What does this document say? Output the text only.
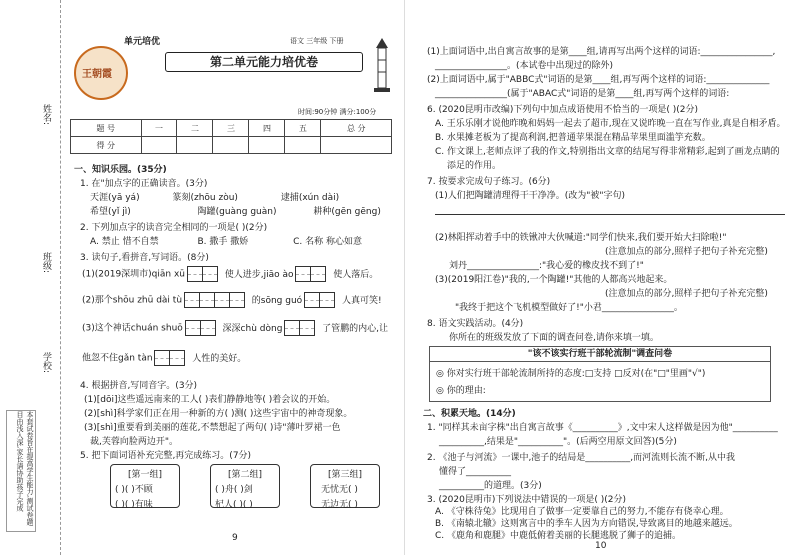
姓名:
班级:
学校:
本套试卷旨在提高学生能力,测试卷题目由浅入深,家长请协助孩子完成
王朝霞
单元培优	语文 三年级 下册
第二单元能力培优卷
时间:90分钟 满分:100分
题 号	一	二	三	四	五	总 分
得 分						
一、知识乐园。(35分)
1. 在"加点字的正确读音。(3分)
天涯(yā yá)	篆刻(zhōu zòu)	逮捕(xún dài)
希望(yǐ jì)	陶罐(guàng guàn)	耕种(gēn gēng)
2. 下列加点字的读音完全相同的一项是( )(2分)
A. 禁止 惜不自禁	B. 撒手 撒娇	C. 名称 称心如意
3. 读句子,看拼音,写词语。(8分)
(1)(2019深圳市)qiān xū	使人进步,jiāo ào	使人落后。
(2)那个shōu zhū dài tù	的sōng guó	人真可笑!
(3)这个神话chuán shuō	深深chù dòng	了管鹏的内心,让
他忽不住gǎn tàn	人性的美好。
4. 根据拼音,写同音字。(3分)
(1)[dōi]这些遥远南来的工人( )表们静静地等( )着会议的开始。
(2)[shì]科学家们正在用一种新的方( )测( )这些宇宙中的神奇现象。
(3)[shì]重要看到美丽的莲花,不禁想起了两句( )诗"薄叶罗裙一色
裁,芙蓉向脸两边开"。
5. 把下面词语补充完整,再完成练习。(7分)
[第一组]
( )( )不顾
( )( )有味
[第二组]
( )舟( )剑
杞人( )( )
[第三组]
无忧无( )
无边无( )
9
(1)上面词语中,出自寓言故事的是第____组,请再写出两个这样的词语:________________,
________________。(本试卷中出现过的除外)
(2)上面词语中,属于"ABBC式"词语的是第____组,再写两个这样的词语:______________
________________(属于"ABAC式"词语的是第____组,再写两个这样的词语:
6. (2020昆明市改编)下列句中加点成语使用不恰当的一项是( )(2分)
A. 王乐乐刚才说他昨晚和妈妈一起去了超市,现在又说昨晚一直在写作业,真是自相矛盾。
B. 水果摊老板为了提高利润,把普通苹果混在精品苹果里面滥竽充数。
C. 作文课上,老师点评了我的作文,特别指出文章的结尾写得非常精彩,起到了画龙点睛的
添足的作用。
7. 按要求完成句子练习。(6分)
(1)人们把陶罐清理得干干净净。(改为"被"字句)
(2)林阳挥动着手中的铁锹冲大伙喊道:"同学们快来,我们要开始大扫除啦!"
(注意加点的部分,照样子把句子补充完整)
刘丹________________:"我心爱的橡皮找不到了!"
(3)(2019阳江卷)"我的,一个陶罐!"其他的人都高兴地起来。
(注意加点的部分,照样子把句子补充完整)
"我终于把这个飞机模型做好了!"小君________________。
8. 语文实践活动。(4分)
你所在的班级发放了下面的调查问卷,请你来填一填。
"该不该实行班干部轮流制"调查问卷
◎ 你对实行班干部轮流制所持的态度:□支持 □反对(在"□"里画"√")
◎ 你的理由:
二、积累天地。(14分)
1. "同样其未亩字株"出自寓言故事《__________》,文中宋人这样做是因为他"__________
__________,结果是"__________"。(后两空用原文回答)(5分)
2. 《池子与河流》一课中,池子的结局是__________,而河流则长流不断,从中我
懂得了__________
__________的道理。(3分)
3. (2020昆明市)下列说法中错误的一项是( )(2分)
A. 《守株待兔》比现用自了做事一定要靠自己的努力,不能存有侥幸心理。
B. 《南辕北辙》这则寓言中的季车人因为方向错误,导致离目的地越来越远。
C. 《鹿角和鹿腿》中鹿低俯着美丽的长腿逃脱了狮子的追捕。
10
